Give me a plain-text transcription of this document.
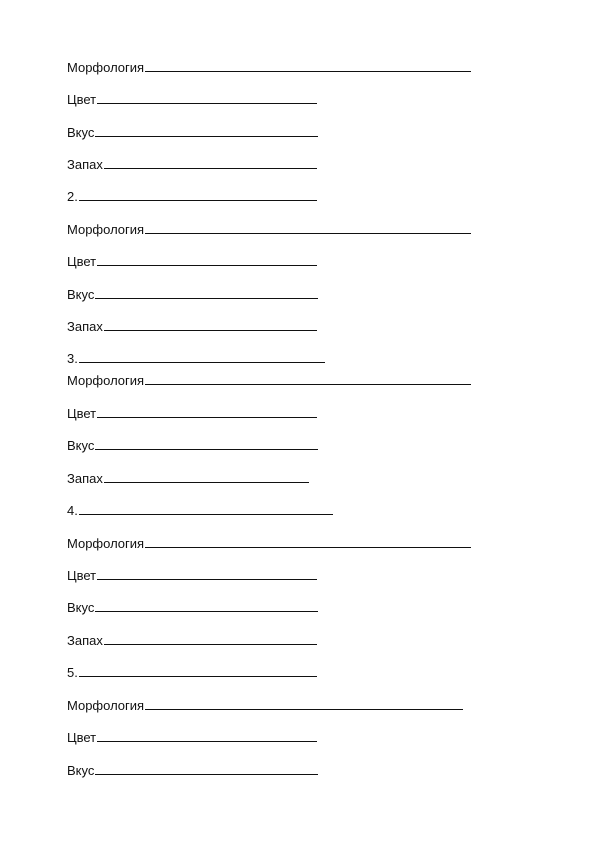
Морфология
Цвет
Вкус
Запах
2.
Морфология
Цвет
Вкус
Запах
3.
Морфология
Цвет
Вкус
Запах
4.
Морфология
Цвет
Вкус
Запах
5.
Морфология
Цвет
Вкус
